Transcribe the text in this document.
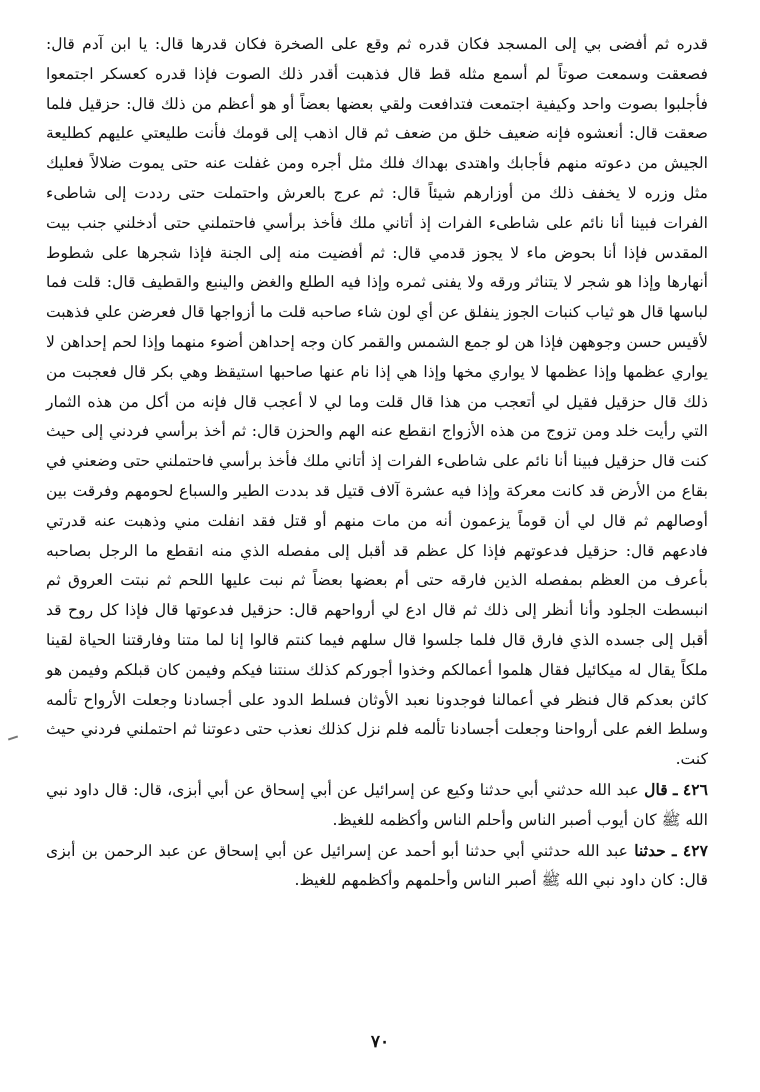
قدره ثم أفضى بي إلى المسجد فكان قدره ثم وقع على الصخرة فكان قدرها قال: يا ابن آدم قال: فصعقت وسمعت صوتاً لم أسمع مثله قط قال فذهبت أقدر ذلك الصوت فإذا قدره كعسكر اجتمعوا فأجلبوا بصوت واحد وكيفية اجتمعت فتدافعت ولقي بعضها بعضاً أو هو أعظم من ذلك قال: حزقيل فلما صعقت قال: أنعشوه فإنه ضعيف خلق من ضعف ثم قال اذهب إلى قومك فأنت طليعتي عليهم كطليعة الجيش من دعوته منهم فأجابك واهتدى بهداك فلك مثل أجره ومن غفلت عنه حتى يموت ضلالاً فعليك مثل وزره لا يخفف ذلك من أوزارهم شيئاً قال: ثم عرج بالعرش واحتملت حتى رددت إلى شاطىء الفرات فبينا أنا نائم على شاطىء الفرات إذ أتاني ملك فأخذ برأسي فاحتملني حتى أدخلني جنب بيت المقدس فإذا أنا بحوض ماء لا يجوز قدمي قال: ثم أفضيت منه إلى الجنة فإذا شجرها على شطوط أنهارها وإذا هو شجر لا يتناثر ورقه ولا يفنى ثمره وإذا فيه الطلع والغض والينبع والقطيف قال: قلت فما لباسها قال هو ثياب كنبات الجوز ينفلق عن أي لون شاء صاحبه قلت ما أزواجها قال فعرضن علي فذهبت لأقيس حسن وجوههن فإذا هن لو جمع الشمس والقمر كان وجه إحداهن أضوء منهما وإذا لحم إحداهن لا يواري عظمها وإذا عظمها لا يواري مخها وإذا هي إذا نام عنها صاحبها استيقظ وهي بكر قال فعجبت من ذلك قال حزقيل فقيل لي أتعجب من هذا قال قلت وما لي لا أعجب قال فإنه من أكل من هذه الثمار التي رأيت خلد ومن تزوج من هذه الأزواج انقطع عنه الهم والحزن قال: ثم أخذ برأسي فردني إلى حيث كنت قال حزقيل فبينا أنا نائم على شاطىء الفرات إذ أتاني ملك فأخذ برأسي فاحتملني حتى وضعني في بقاع من الأرض قد كانت معركة وإذا فيه عشرة آلاف قتيل قد بددت الطير والسباع لحومهم وفرقت بين أوصالهم ثم قال لي أن قوماً يزعمون أنه من مات منهم أو قتل فقد انفلت مني وذهبت عنه قدرتي فادعهم قال: حزقيل فدعوتهم فإذا كل عظم قد أقبل إلى مفصله الذي منه انقطع ما الرجل بصاحبه بأعرف من العظم بمفصله الذين فارقه حتى أم بعضها بعضاً ثم نبت عليها اللحم ثم نبتت العروق ثم انبسطت الجلود وأنا أنظر إلى ذلك ثم قال ادع لي أرواحهم قال: حزقيل فدعوتها قال فإذا كل روح قد أقبل إلى جسده الذي فارق قال فلما جلسوا قال سلهم فيما كنتم قالوا إنا لما متنا وفارقتنا الحياة لقينا ملكاً يقال له ميكائيل فقال هلموا أعمالكم وخذوا أجوركم كذلك سنتنا فيكم وفيمن كان قبلكم وفيمن هو كائن بعدكم قال فنظر في أعمالنا فوجدونا نعبد الأوثان فسلط الدود على أجسادنا وجعلت الأرواح تألمه وسلط الغم على أرواحنا وجعلت أجسادنا تألمه فلم نزل كذلك نعذب حتى دعوتنا ثم احتملني فردني حيث كنت.

٤٢٦ ـ قال عبد الله حدثني أبي حدثنا وكيع عن إسرائيل عن أبي إسحاق عن أبي أبزى، قال: قال داود نبي الله ﷺ كان أيوب أصبر الناس وأحلم الناس وأكظمه للغيظ.

٤٢٧ ـ حدثنا عبد الله حدثني أبي حدثنا أبو أحمد عن إسرائيل عن أبي إسحاق عن عبد الرحمن بن أبزى قال: كان داود نبي الله ﷺ أصبر الناس وأحلمهم وأكظمهم للغيظ.

٧٠
